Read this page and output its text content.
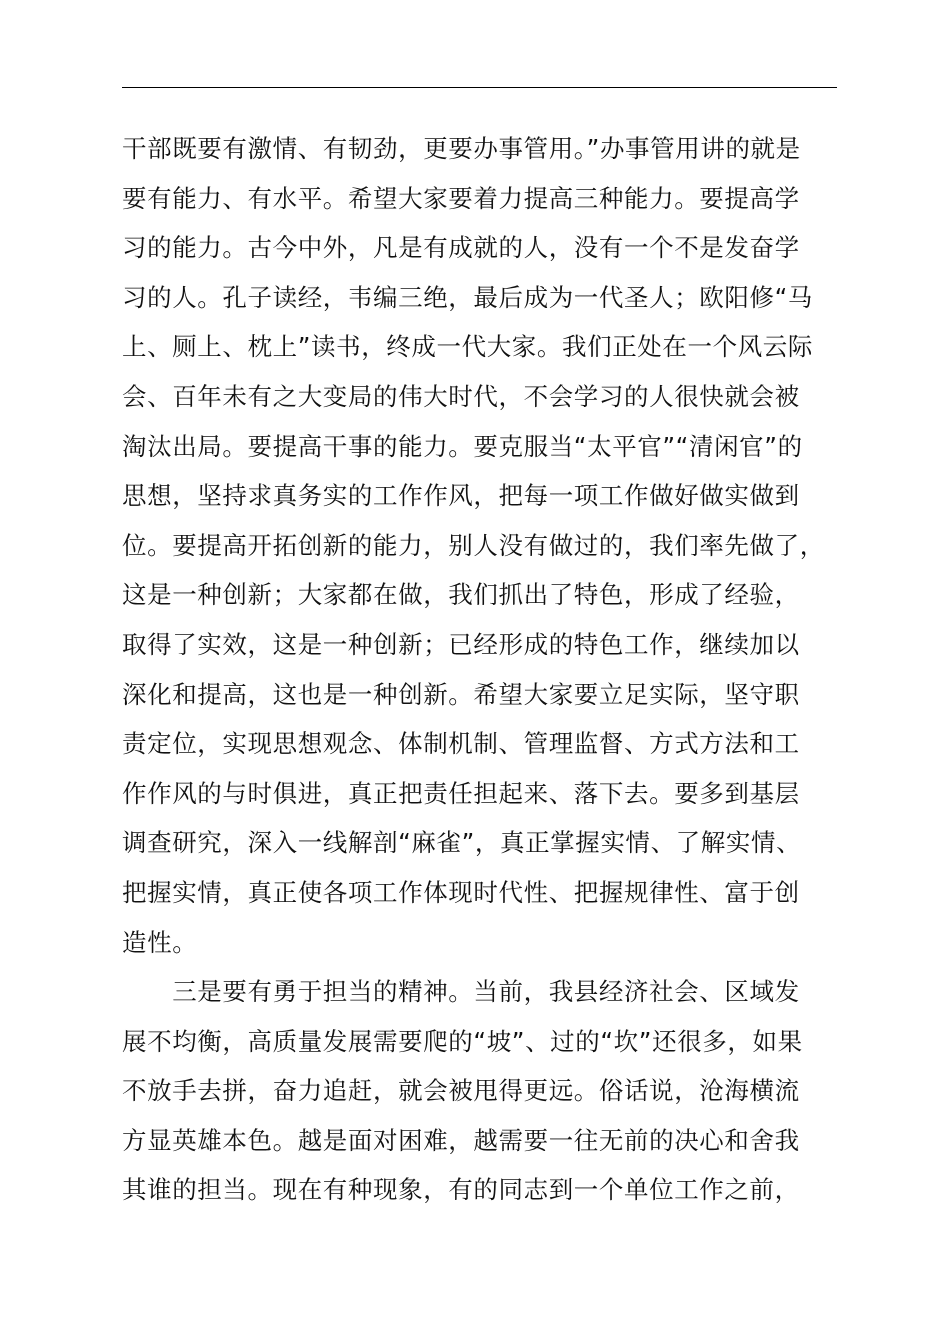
干部既要有激情、有韧劲，更要办事管用。”办事管用讲的就是
要有能力、有水平。希望大家要着力提高三种能力。要提高学
习的能力。古今中外，凡是有成就的人，没有一个不是发奋学
习的人。孔子读经，韦编三绝，最后成为一代圣人；欧阳修“马
上、厕上、枕上”读书，终成一代大家。我们正处在一个风云际
会、百年未有之大变局的伟大时代，不会学习的人很快就会被
淘汰出局。要提高干事的能力。要克服当“太平官”“清闲官”的
思想，坚持求真务实的工作作风，把每一项工作做好做实做到
位。要提高开拓创新的能力，别人没有做过的，我们率先做了，
这是一种创新；大家都在做，我们抓出了特色，形成了经验，
取得了实效，这是一种创新；已经形成的特色工作，继续加以
深化和提高，这也是一种创新。希望大家要立足实际，坚守职
责定位，实现思想观念、体制机制、管理监督、方式方法和工
作作风的与时俱进，真正把责任担起来、落下去。要多到基层
调查研究，深入一线解剖“麻雀”，真正掌握实情、了解实情、
把握实情，真正使各项工作体现时代性、把握规律性、富于创
造性。
　　三是要有勇于担当的精神。当前，我县经济社会、区域发
展不均衡，高质量发展需要爬的“坡”、过的“坎”还很多，如果
不放手去拼，奋力追赶，就会被甩得更远。俗话说，沧海横流
方显英雄本色。越是面对困难，越需要一往无前的决心和舍我
其谁的担当。现在有种现象，有的同志到一个单位工作之前，
